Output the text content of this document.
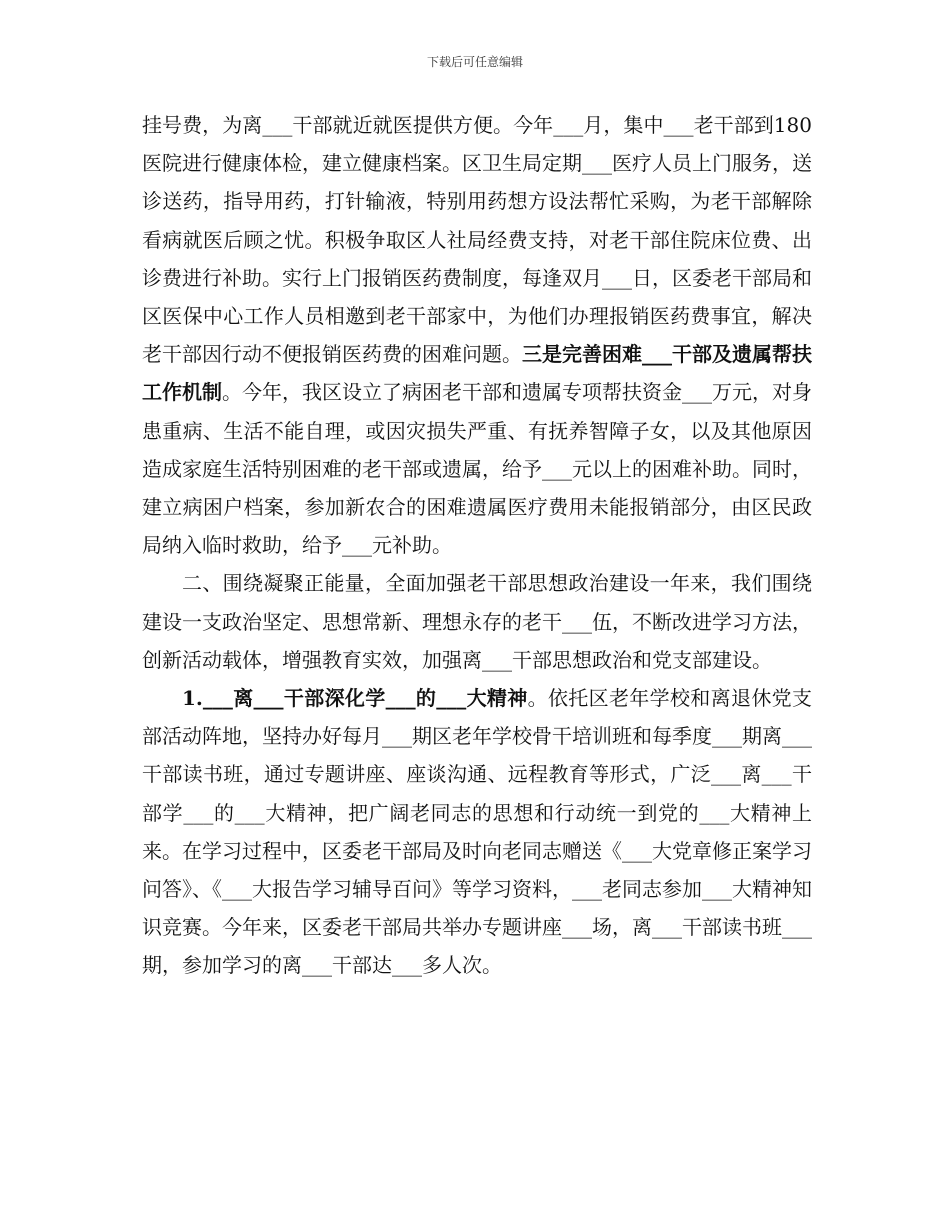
下载后可任意编辑

挂号费，为离___干部就近就医提供方便。今年___月，集中___老干部到180医院进行健康体检，建立健康档案。区卫生局定期___医疗人员上门服务，送诊送药，指导用药，打针输液，特别用药想方设法帮忙采购，为老干部解除看病就医后顾之忧。积极争取区人社局经费支持，对老干部住院床位费、出诊费进行补助。实行上门报销医药费制度，每逢双月___日，区委老干部局和区医保中心工作人员相邀到老干部家中，为他们办理报销医药费事宜，解决老干部因行动不便报销医药费的困难问题。三是完善困难___干部及遗属帮扶工作机制。今年，我区设立了病困老干部和遗属专项帮扶资金___万元，对身患重病、生活不能自理，或因灾损失严重、有抚养智障子女，以及其他原因造成家庭生活特别困难的老干部或遗属，给予___元以上的困难补助。同时，建立病困户档案，参加新农合的困难遗属医疗费用未能报销部分，由区民政局纳入临时救助，给予___元补助。

二、围绕凝聚正能量，全面加强老干部思想政治建设一年来，我们围绕建设一支政治坚定、思想常新、理想永存的老干___伍，不断改进学习方法，创新活动载体，增强教育实效，加强离___干部思想政治和党支部建设。

1.___离___干部深化学___的___大精神。依托区老年学校和离退休党支部活动阵地，坚持办好每月___期区老年学校骨干培训班和每季度___期离___干部读书班，通过专题讲座、座谈沟通、远程教育等形式，广泛___离___干部学___的___大精神，把广阔老同志的思想和行动统一到党的___大精神上来。在学习过程中，区委老干部局及时向老同志赠送《___大党章修正案学习问答》、《___大报告学习辅导百问》等学习资料，___老同志参加___大精神知识竞赛。今年来，区委老干部局共举办专题讲座___场，离___干部读书班___期，参加学习的离___干部达___多人次。
